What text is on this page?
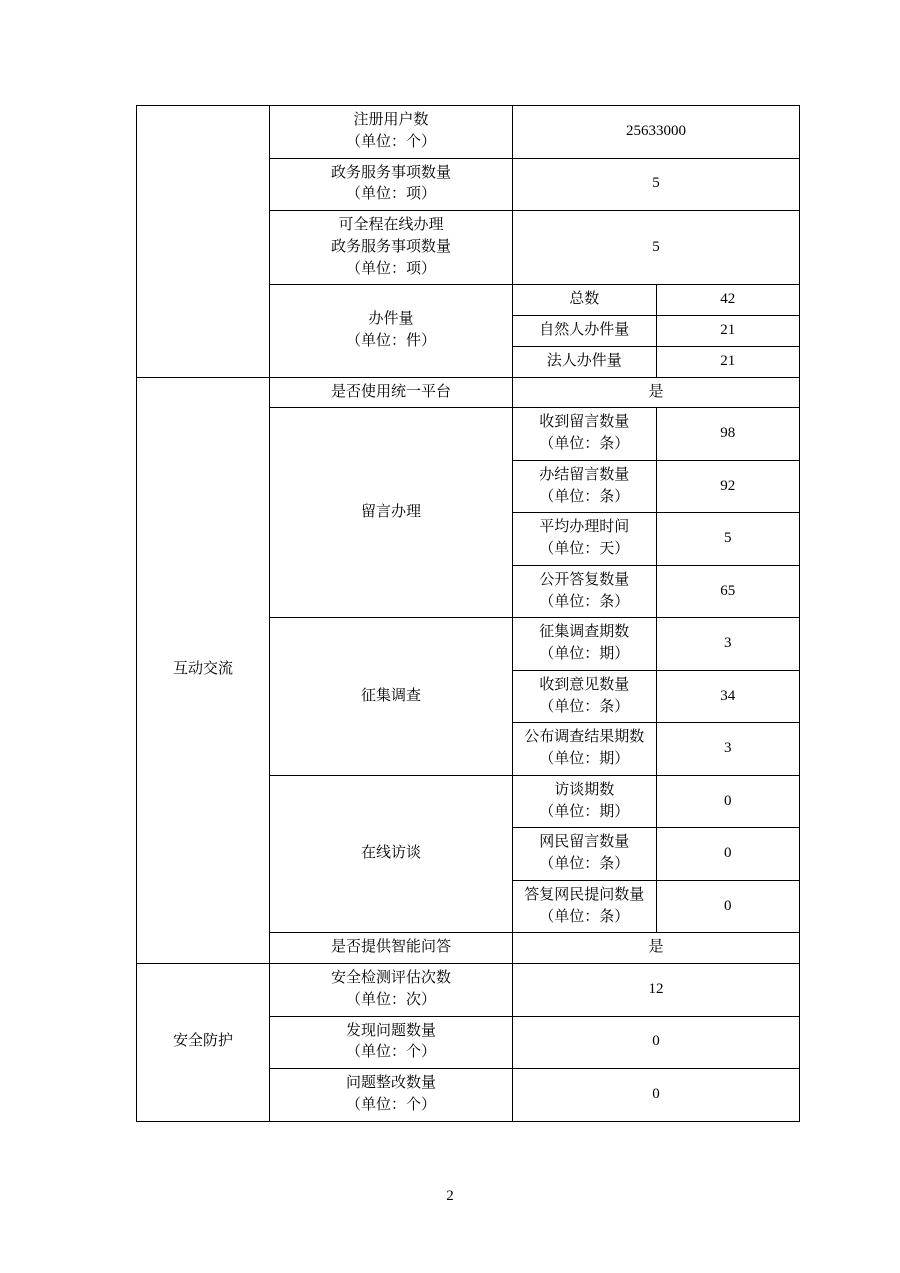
	注册用户数
（单位：个）	25633000	

	政务服务事项数量
（单位：项）	5	

	可全程在线办理
政务服务事项数量
（单位：项）	5	

	办件量
（单位：件）	总数	42
		自然人办件量	21
		法人办件量	21
互动交流	是否使用统一平台	是	
	留言办理	收到留言数量
（单位：条）	98

		办结留言数量
（单位：条）	92

		平均办理时间
（单位：天）	5

		公开答复数量
（单位：条）	65
	征集调查	征集调查期数
（单位：期）	3

		收到意见数量
（单位：条）	34

		公布调查结果期数
（单位：期）	3
	在线访谈	访谈期数
（单位：期）	0

		网民留言数量
（单位：条）	0

		答复网民提问数量
（单位：条）	0
	是否提供智能问答	是	
安全防护	安全检测评估次数
（单位：次）	12	

	发现问题数量
（单位：个）	0	

	问题整改数量
（单位：个）	0	
2
